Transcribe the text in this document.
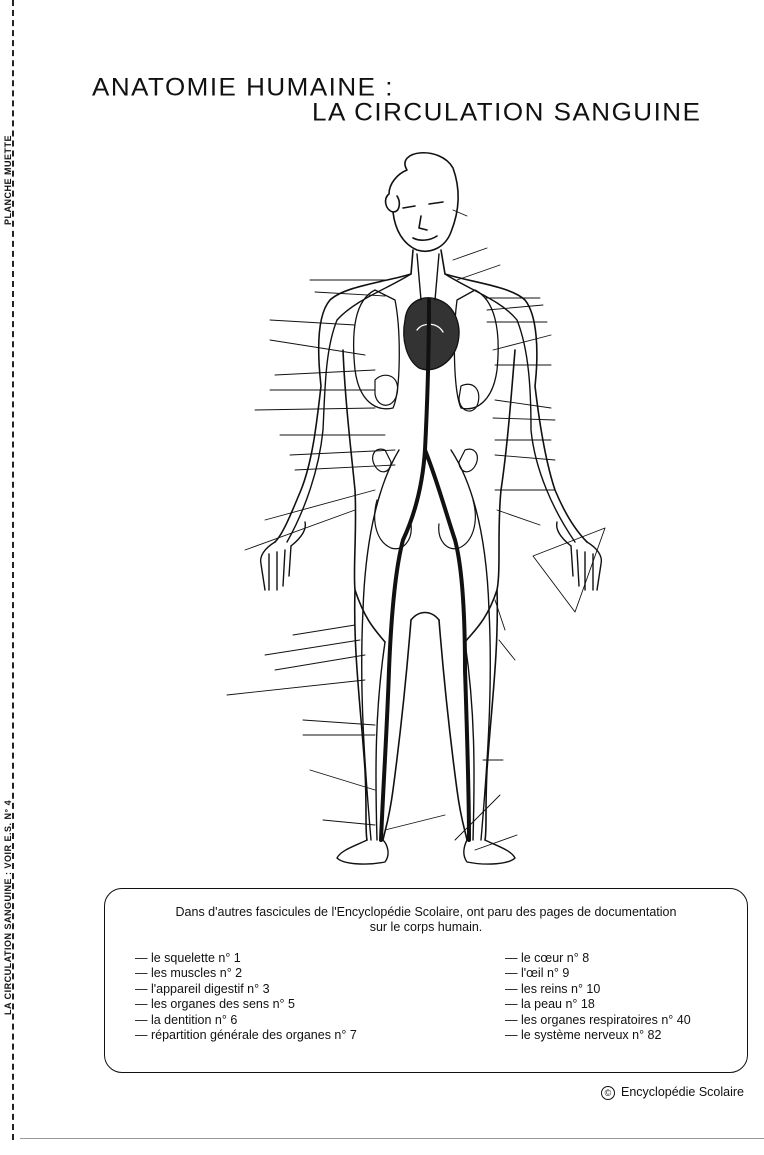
PLANCHE MUETTE
LA CIRCULATION SANGUINE : VOIR E.S. N° 4
ANATOMIE HUMAINE :
LA CIRCULATION SANGUINE
Dans d'autres fascicules de l'Encyclopédie Scolaire, ont paru des pages de documentation
sur le corps humain.
— le squelette n° 1
— les muscles n° 2
— l'appareil digestif n° 3
— les organes des sens n° 5
— la dentition n° 6
— répartition générale des organes n° 7
— le cœur n° 8
— l'œil n° 9
— les reins n° 10
— la peau n° 18
— les organes respiratoires n° 40
— le système nerveux n° 82
© Encyclopédie Scolaire
